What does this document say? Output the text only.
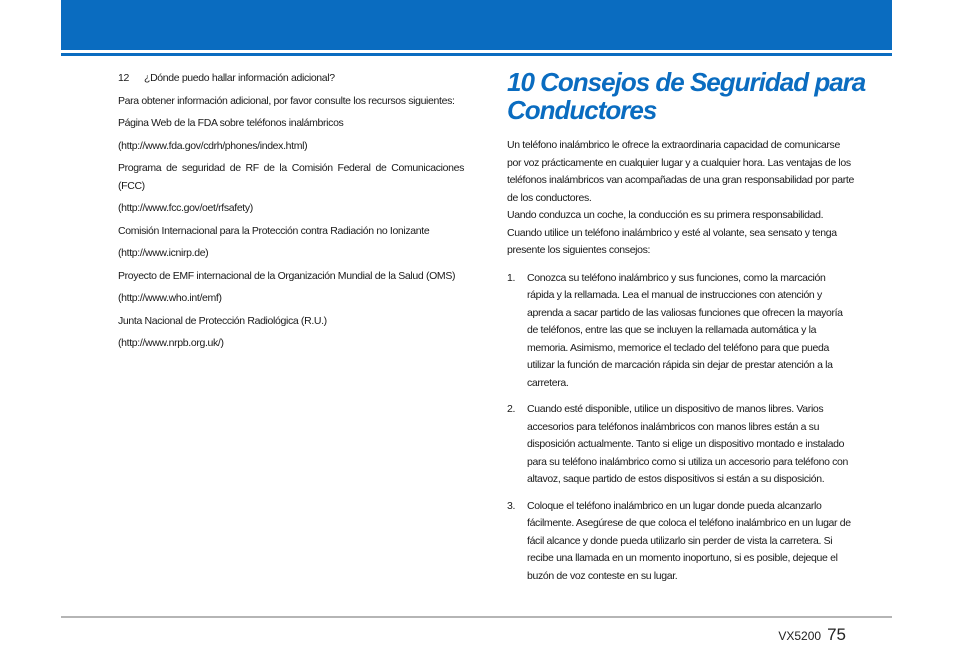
12 ¿Dónde puedo hallar información adicional?

Para obtener información adicional, por favor consulte los recursos siguientes:

Página Web de la FDA sobre teléfonos inalámbricos

(http://www.fda.gov/cdrh/phones/index.html)

Programa de seguridad de RF de la Comisión Federal de Comunicaciones (FCC)

(http://www.fcc.gov/oet/rfsafety)

Comisión Internacional para la Protección contra Radiación no Ionizante

(http://www.icnirp.de)

Proyecto de EMF internacional de la Organización Mundial de la Salud (OMS)

(http://www.who.int/emf)

Junta Nacional de Protección Radiológica (R.U.)

(http://www.nrpb.org.uk/)

10 Consejos de Seguridad para Conductores

Un teléfono inalámbrico le ofrece la extraordinaria capacidad de comunicarse por voz prácticamente en cualquier lugar y a cualquier hora. Las ventajas de los teléfonos inalámbricos van acompañadas de una gran responsabilidad por parte de los conductores.

Uando conduzca un coche, la conducción es su primera responsabilidad. Cuando utilice un teléfono inalámbrico y esté al volante, sea sensato y tenga presente los siguientes consejos:

1.	Conozca su teléfono inalámbrico y sus funciones, como la marcación rápida y la rellamada. Lea el manual de instrucciones con atención y aprenda a sacar partido de las valiosas funciones que ofrecen la mayoría de teléfonos, entre las que se incluyen la rellamada automática y la memoria. Asimismo, memorice el teclado del teléfono para que pueda utilizar la función de marcación rápida sin dejar de prestar atención a la carretera.
2.	Cuando esté disponible, utilice un dispositivo de manos libres. Varios accesorios para teléfonos inalámbricos con manos libres están a su disposición actualmente. Tanto si elige un dispositivo montado e instalado para su teléfono inalámbrico como si utiliza un accesorio para teléfono con altavoz, saque partido de estos dispositivos si están a su disposición.
3.	Coloque el teléfono inalámbrico en un lugar donde pueda alcanzarlo fácilmente. Asegúrese de que coloca el teléfono inalámbrico en un lugar de fácil alcance y donde pueda utilizarlo sin perder de vista la carretera. Si recibe una llamada en un momento inoportuno, si es posible, dejeque el buzón de voz conteste en su lugar.
VX5200 75
